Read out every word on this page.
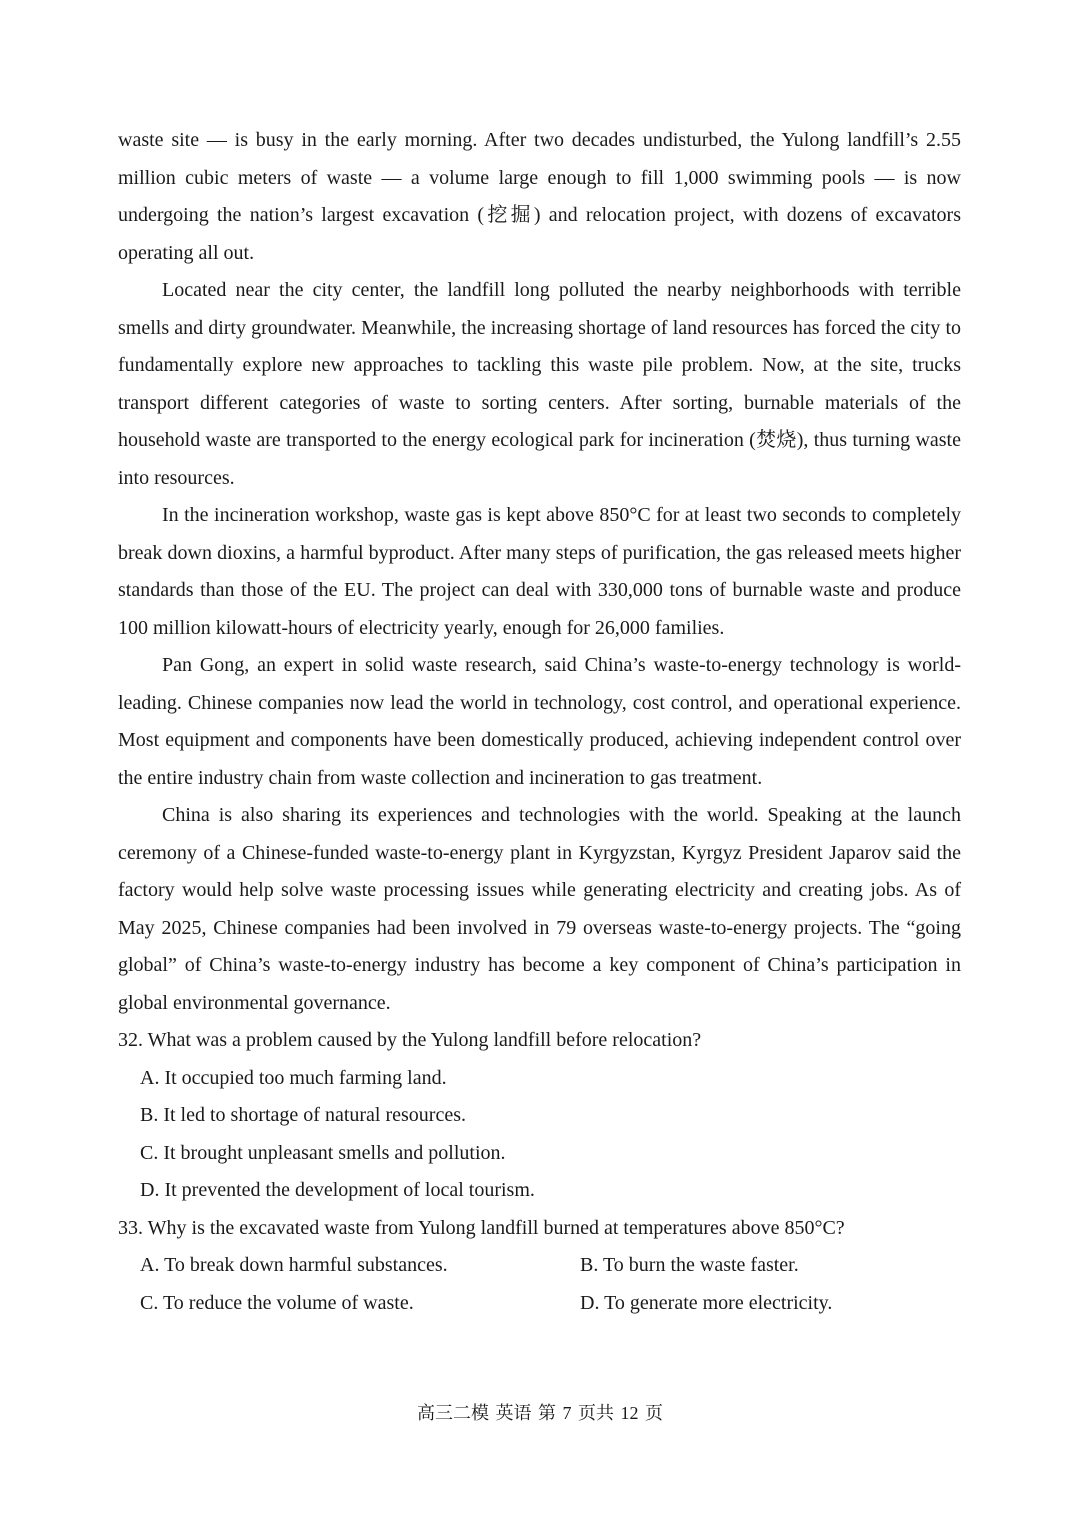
waste site — is busy in the early morning. After two decades undisturbed, the Yulong landfill’s 2.55 million cubic meters of waste — a volume large enough to fill 1,000 swimming pools — is now undergoing the nation’s largest excavation (挖掘) and relocation project, with dozens of excavators operating all out.

Located near the city center, the landfill long polluted the nearby neighborhoods with terrible smells and dirty groundwater. Meanwhile, the increasing shortage of land resources has forced the city to fundamentally explore new approaches to tackling this waste pile problem. Now, at the site, trucks transport different categories of waste to sorting centers. After sorting, burnable materials of the household waste are transported to the energy ecological park for incineration (焚烧), thus turning waste into resources.

In the incineration workshop, waste gas is kept above 850°C for at least two seconds to completely break down dioxins, a harmful byproduct. After many steps of purification, the gas released meets higher standards than those of the EU. The project can deal with 330,000 tons of burnable waste and produce 100 million kilowatt-hours of electricity yearly, enough for 26,000 families.

Pan Gong, an expert in solid waste research, said China’s waste-to-energy technology is world-leading. Chinese companies now lead the world in technology, cost control, and operational experience. Most equipment and components have been domestically produced, achieving independent control over the entire industry chain from waste collection and incineration to gas treatment.

China is also sharing its experiences and technologies with the world. Speaking at the launch ceremony of a Chinese-funded waste-to-energy plant in Kyrgyzstan, Kyrgyz President Japarov said the factory would help solve waste processing issues while generating electricity and creating jobs. As of May 2025, Chinese companies had been involved in 79 overseas waste-to-energy projects. The “going global” of China’s waste-to-energy industry has become a key component of China’s participation in global environmental governance.

32. What was a problem caused by the Yulong landfill before relocation?

A. It occupied too much farming land.

B. It led to shortage of natural resources.

C. It brought unpleasant smells and pollution.

D. It prevented the development of local tourism.

33. Why is the excavated waste from Yulong landfill burned at temperatures above 850°C?

A. To break down harmful substances.	B. To burn the waste faster.

C. To reduce the volume of waste.	D. To generate more electricity.

高三二模 英语 第 7 页共 12 页
